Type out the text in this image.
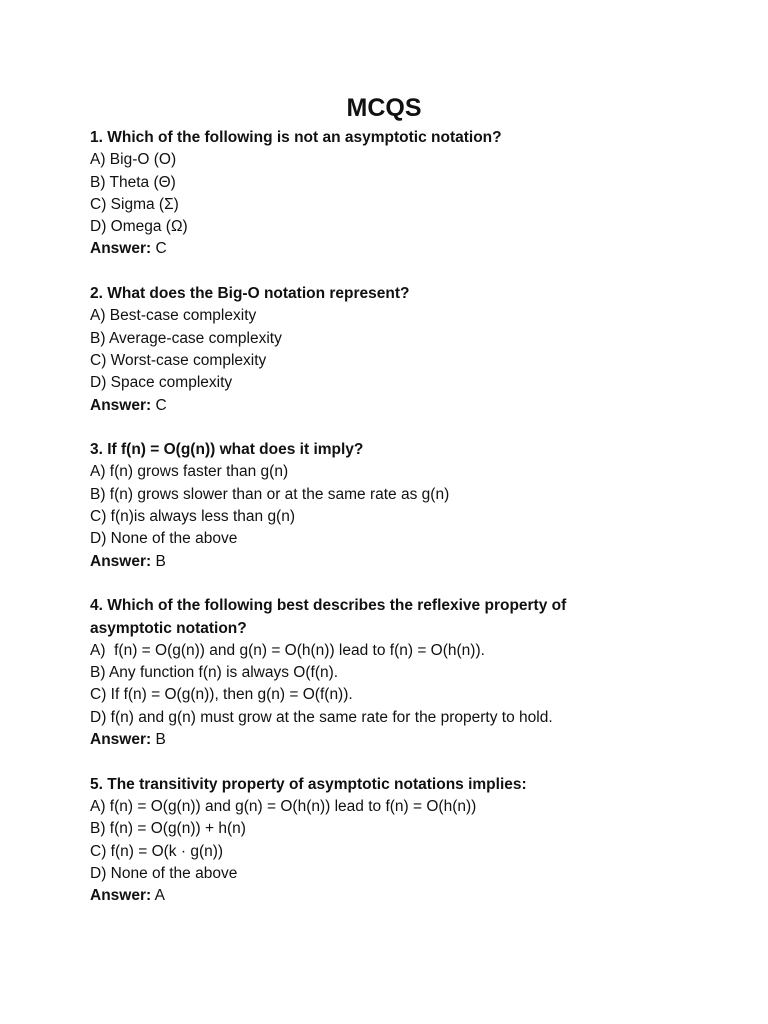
MCQS

1. Which of the following is not an asymptotic notation?

A) Big-O (O)

B) Theta (Θ)

C) Sigma (Σ)

D) Omega (Ω)

Answer: C

2. What does the Big-O notation represent?

A) Best-case complexity

B) Average-case complexity

C) Worst-case complexity

D) Space complexity

Answer: C

3. If f(n) = O(g(n)) what does it imply?

A) f(n) grows faster than g(n)

B) f(n) grows slower than or at the same rate as g(n)

C) f(n)is always less than g(n)

D) None of the above

Answer: B

4. Which of the following best describes the reflexive property of asymptotic notation?

A)  f(n) = O(g(n)) and g(n) = O(h(n)) lead to f(n) = O(h(n)).

B) Any function f(n) is always O(f(n).

C) If f(n) = O(g(n)), then g(n) = O(f(n)).

D) f(n) and g(n) must grow at the same rate for the property to hold.

Answer: B

5. The transitivity property of asymptotic notations implies:

A) f(n) = O(g(n)) and g(n) = O(h(n)) lead to f(n) = O(h(n))

B) f(n) = O(g(n)) + h(n)

C) f(n) = O(k · g(n))

D) None of the above

Answer: A
